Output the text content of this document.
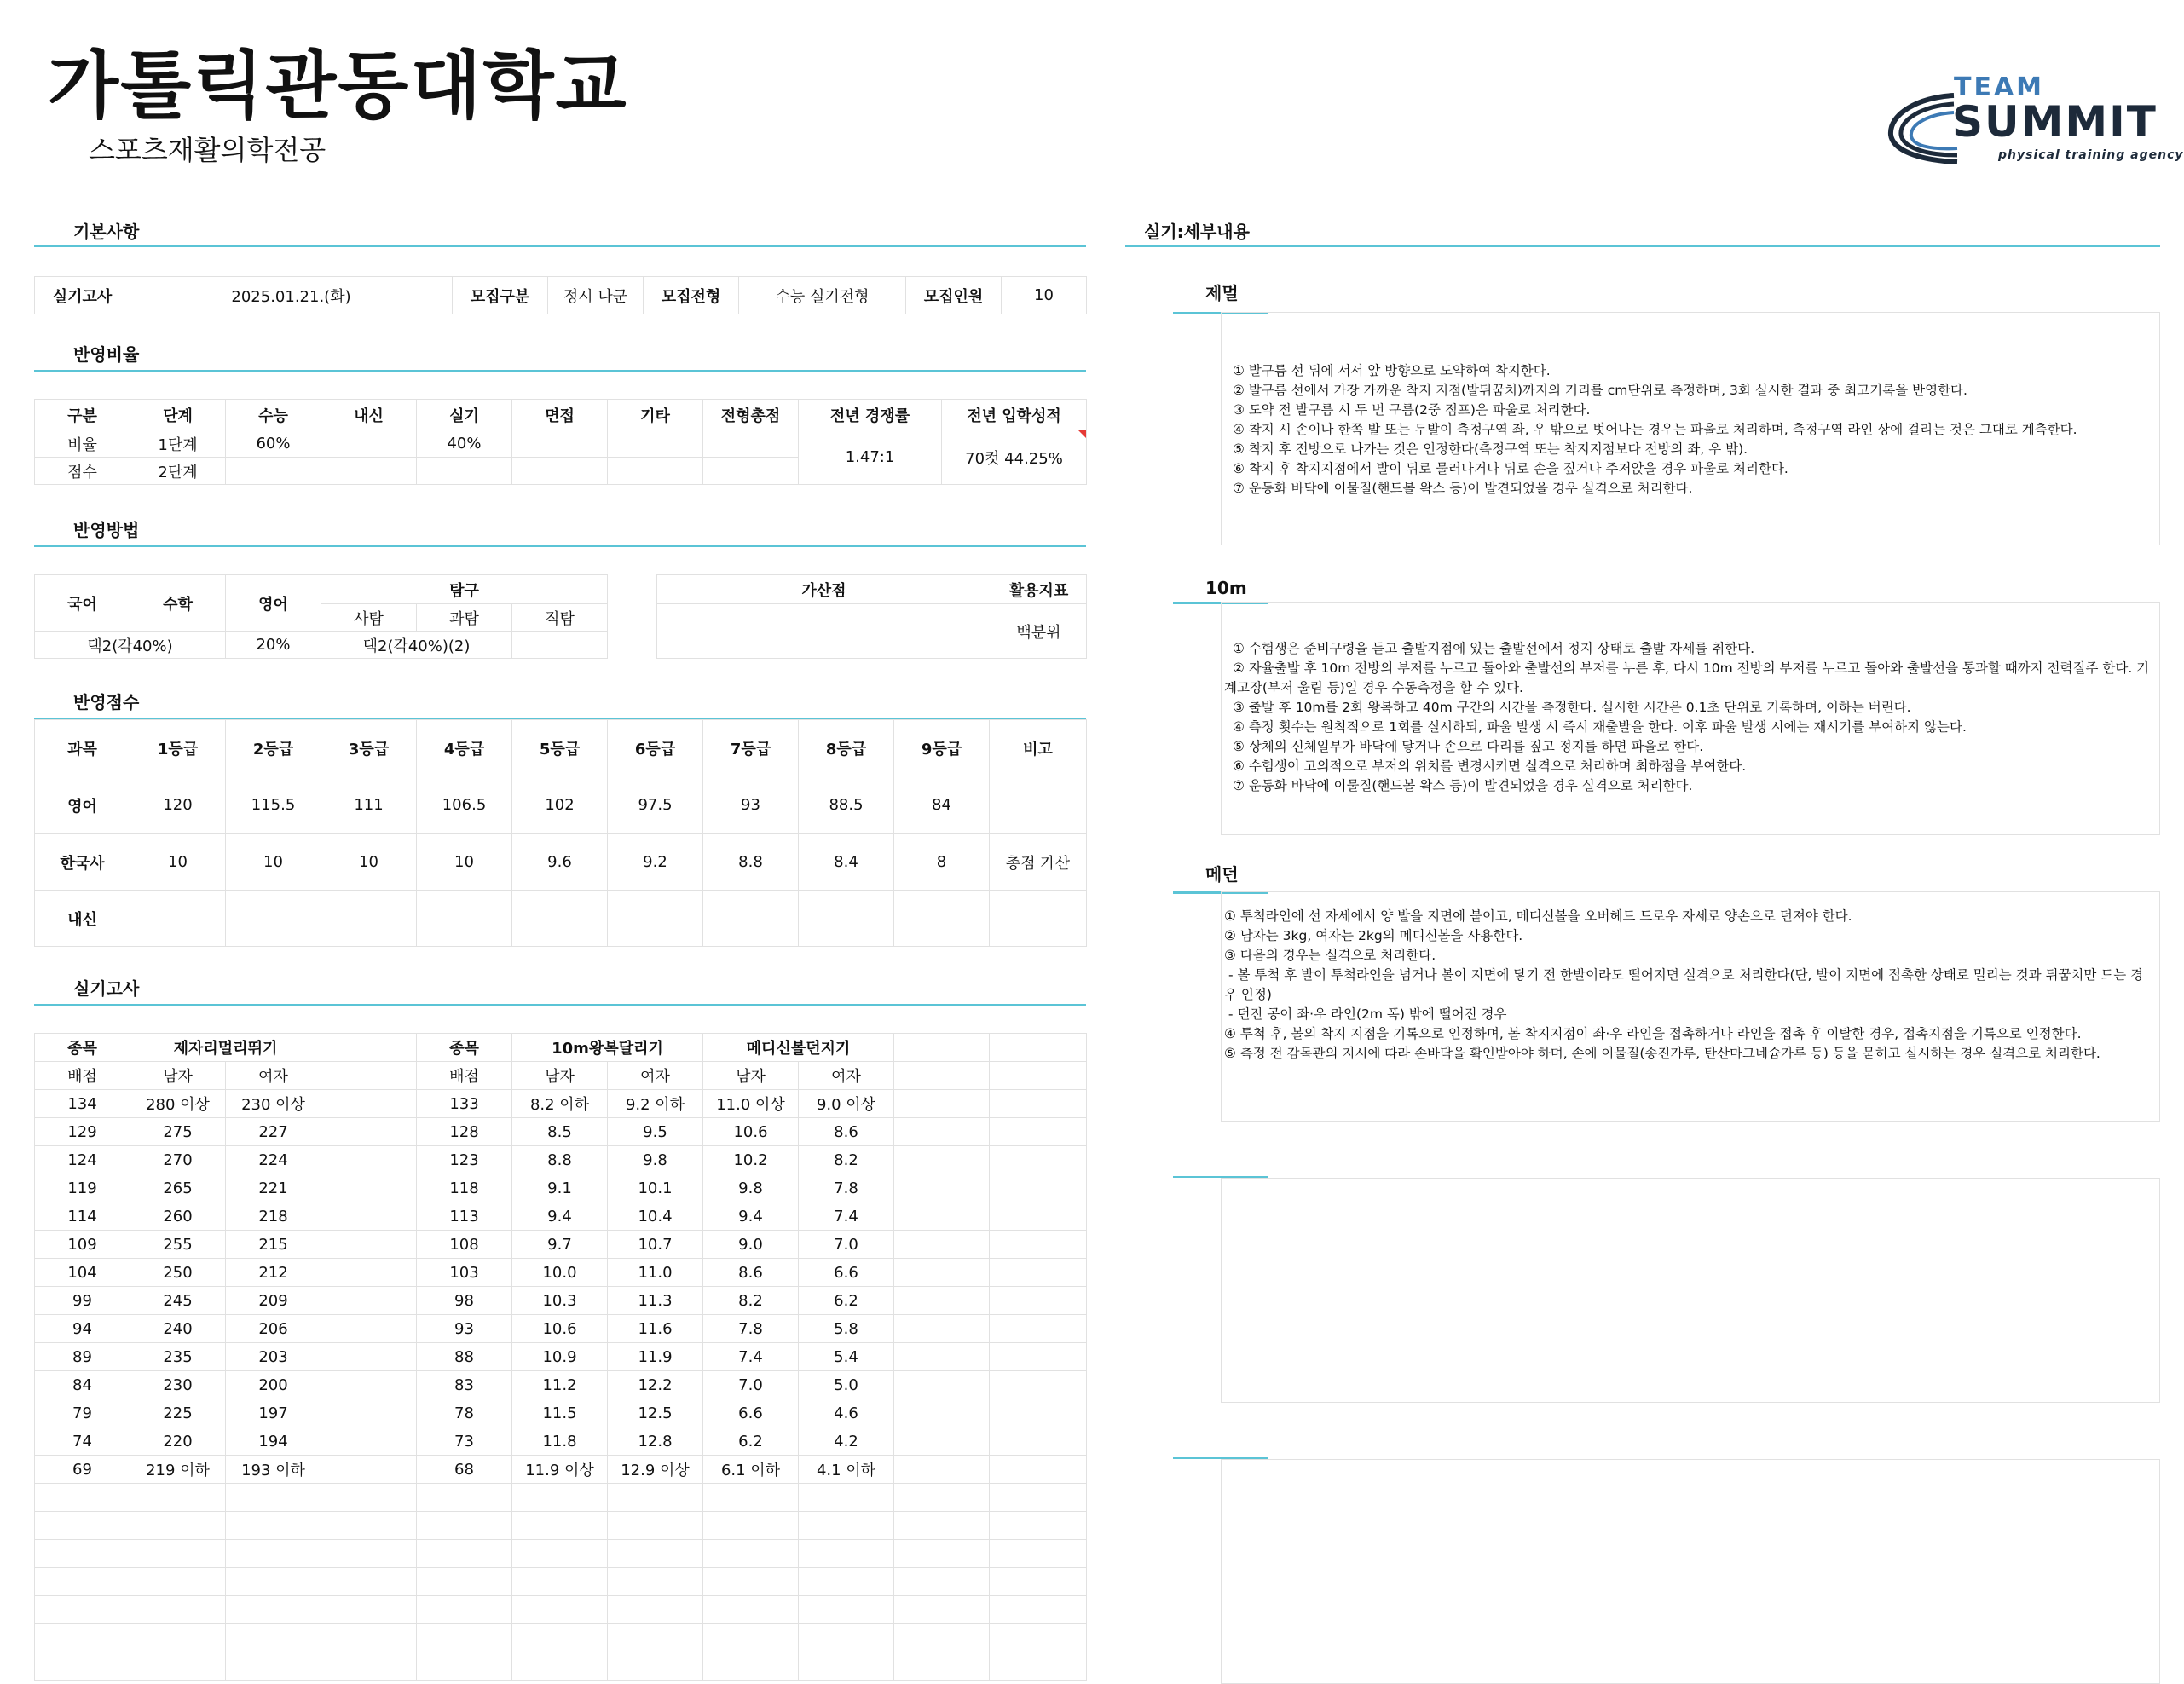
가톨릭관동대학교
스포츠재활의학전공
TEAM
SUMMIT
physical training agency
기본사항
실기고사	2025.01.21.(화)	모집구분	정시 나군	모집전형	수능 실기전형	모집인원	10
반영비율
구분	단계	수능	내신	실기	면접	기타	전형총점	전년 경쟁률	전년 입학성적
비율	1단계	60%		40%				1.47:1	70컷 44.25%
점수	2단계								
반영방법
국어	수학	영어	탐구		
			사탐	과탐	직탐
택2(각40%)		20%	택2(각40%)(2)		
가산점	활용지표
	백분위
반영점수
과목	1등급	2등급	3등급	4등급	5등급	6등급	7등급	8등급	9등급	비고
영어	120	115.5	111	106.5	102	97.5	93	88.5	84	
한국사	10	10	10	10	9.6	9.2	8.8	8.4	8	총점 가산
내신										
실기고사
종목	제자리멀리뛰기			종목	10m왕복달리기		메디신볼던지기			
배점	남자	여자		배점	남자	여자	남자	여자		
134	280 이상	230 이상		133	8.2 이하	9.2 이하	11.0 이상	9.0 이상		
129	275	227		128	8.5	9.5	10.6	8.6		
124	270	224		123	8.8	9.8	10.2	8.2		
119	265	221		118	9.1	10.1	9.8	7.8		
114	260	218		113	9.4	10.4	9.4	7.4		
109	255	215		108	9.7	10.7	9.0	7.0		
104	250	212		103	10.0	11.0	8.6	6.6		
99	245	209		98	10.3	11.3	8.2	6.2		
94	240	206		93	10.6	11.6	7.8	5.8		
89	235	203		88	10.9	11.9	7.4	5.4		
84	230	200		83	11.2	12.2	7.0	5.0		
79	225	197		78	11.5	12.5	6.6	4.6		
74	220	194		73	11.8	12.8	6.2	4.2		
69	219 이하	193 이하		68	11.9 이상	12.9 이상	6.1 이하	4.1 이하		

실기:세부내용
제멀
① 발구름 선 뒤에 서서 앞 방향으로 도약하여 착지한다.
② 발구름 선에서 가장 가까운 착지 지점(발뒤꿈치)까지의 거리를 cm단위로 측정하며, 3회 실시한 결과 중 최고기록을 반영한다.
③ 도약 전 발구름 시 두 번 구름(2중 점프)은 파울로 처리한다.
④ 착지 시 손이나 한쪽 발 또는 두발이 측정구역 좌, 우 밖으로 벗어나는 경우는 파울로 처리하며, 측정구역 라인 상에 걸리는 것은 그대로 계측한다.
⑤ 착지 후 전방으로 나가는 것은 인정한다(측정구역 또는 착지지점보다 전방의 좌, 우 밖).
⑥ 착지 후 착지지점에서 발이 뒤로 물러나거나 뒤로 손을 짚거나 주저앉을 경우 파울로 처리한다.
⑦ 운동화 바닥에 이물질(핸드볼 왁스 등)이 발견되었을 경우 실격으로 처리한다.
10m
① 수험생은 준비구령을 듣고 출발지점에 있는 출발선에서 정지 상태로 출발 자세를 취한다.
② 자율출발 후 10m 전방의 부저를 누르고 돌아와 출발선의 부저를 누른 후, 다시 10m 전방의 부저를 누르고 돌아와 출발선을 통과할 때까지 전력질주 한다. 기계고장(부저 울림 등)일 경우 수동측정을 할 수 있다.
③ 출발 후 10m를 2회 왕복하고 40m 구간의 시간을 측정한다. 실시한 시간은 0.1초 단위로 기록하며, 이하는 버린다.
④ 측정 횟수는 원칙적으로 1회를 실시하되, 파울 발생 시 즉시 재출발을 한다. 이후 파울 발생 시에는 재시기를 부여하지 않는다.
⑤ 상체의 신체일부가 바닥에 닿거나 손으로 다리를 짚고 정지를 하면 파울로 한다.
⑥ 수험생이 고의적으로 부저의 위치를 변경시키면 실격으로 처리하며 최하점을 부여한다.
⑦ 운동화 바닥에 이물질(핸드볼 왁스 등)이 발견되었을 경우 실격으로 처리한다.
메던
① 투척라인에 선 자세에서 양 발을 지면에 붙이고, 메디신볼을 오버헤드 드로우 자세로 양손으로 던져야 한다.
② 남자는 3kg, 여자는 2kg의 메디신볼을 사용한다.
③ 다음의 경우는 실격으로 처리한다.
- 볼 투척 후 발이 투척라인을 넘거나 볼이 지면에 닿기 전 한발이라도 떨어지면 실격으로 처리한다(단, 발이 지면에 접촉한 상태로 밀리는 것과 뒤꿈치만 드는 경우 인정)
- 던진 공이 좌·우 라인(2m 폭) 밖에 떨어진 경우
④ 투척 후, 볼의 착지 지점을 기록으로 인정하며, 볼 착지지점이 좌·우 라인을 접촉하거나 라인을 접촉 후 이탈한 경우, 접촉지점을 기록으로 인정한다.
⑤ 측정 전 감독관의 지시에 따라 손바닥을 확인받아야 하며, 손에 이물질(송진가루, 탄산마그네슘가루 등) 등을 묻히고 실시하는 경우 실격으로 처리한다.
